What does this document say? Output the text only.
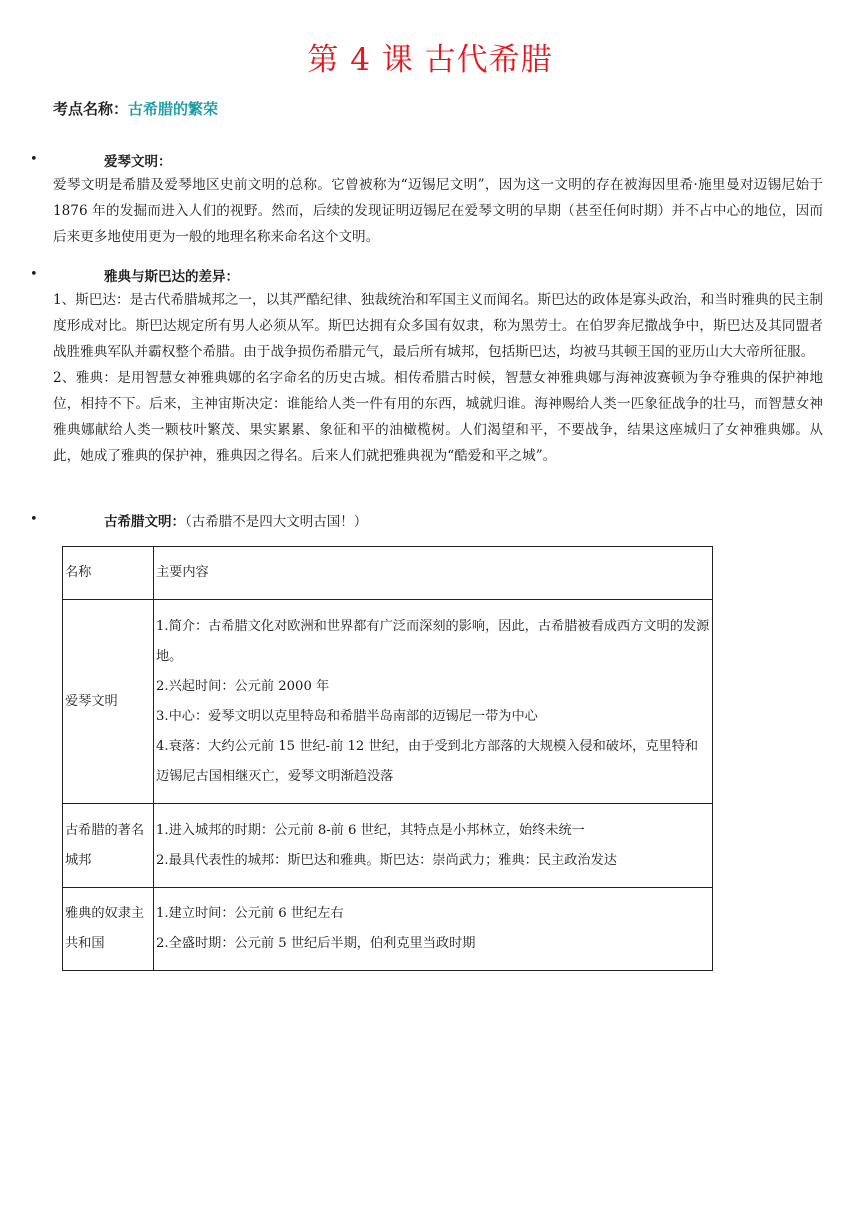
第 4 课 古代希腊
考点名称：古希腊的繁荣
•	爱琴文明：

爱琴文明是希腊及爱琴地区史前文明的总称。它曾被称为“迈锡尼文明”，因为这一文明的存在被海因里希·施里曼对迈锡尼始于 1876 年的发掘而进入人们的视野。然而，后续的发现证明迈锡尼在爱琴文明的早期（甚至任何时期）并不占中心的地位，因而后来更多地使用更为一般的地理名称来命名这个文明。

•	雅典与斯巴达的差异：

1、斯巴达：是古代希腊城邦之一，以其严酷纪律、独裁统治和军国主义而闻名。斯巴达的政体是寡头政治，和当时雅典的民主制度形成对比。斯巴达规定所有男人必须从军。斯巴达拥有众多国有奴隶，称为黑劳士。在伯罗奔尼撒战争中，斯巴达及其同盟者战胜雅典军队并霸权整个希腊。由于战争损伤希腊元气，最后所有城邦，包括斯巴达，均被马其顿王国的亚历山大大帝所征服。

2、雅典：是用智慧女神雅典娜的名字命名的历史古城。相传希腊古时候，智慧女神雅典娜与海神波赛顿为争夺雅典的保护神地位，相持不下。后来，主神宙斯决定：谁能给人类一件有用的东西，城就归谁。海神赐给人类一匹象征战争的壮马，而智慧女神雅典娜献给人类一颗枝叶繁茂、果实累累、象征和平的油橄榄树。人们渴望和平，不要战争，结果这座城归了女神雅典娜。从此，她成了雅典的保护神，雅典因之得名。后来人们就把雅典视为“酷爱和平之城”。

•	古希腊文明：（古希腊不是四大文明古国！）
名称	主要内容
爱琴文明	1.简介：古希腊文化对欧洲和世界都有广泛而深刻的影响，因此，古希腊被看成西方文明的发源地。
2.兴起时间：公元前 2000 年
3.中心：爱琴文明以克里特岛和希腊半岛南部的迈锡尼一带为中心
4.衰落：大约公元前 15 世纪-前 12 世纪，由于受到北方部落的大规模入侵和破坏，克里特和迈锡尼古国相继灭亡，爱琴文明渐趋没落

古希腊的著名城邦	1.进入城邦的时期：公元前 8-前 6 世纪，其特点是小邦林立，始终未统一
2.最具代表性的城邦：斯巴达和雅典。斯巴达：崇尚武力；雅典：民主政治发达

雅典的奴隶主共和国	1.建立时间：公元前 6 世纪左右
2.全盛时期：公元前 5 世纪后半期，伯利克里当政时期
